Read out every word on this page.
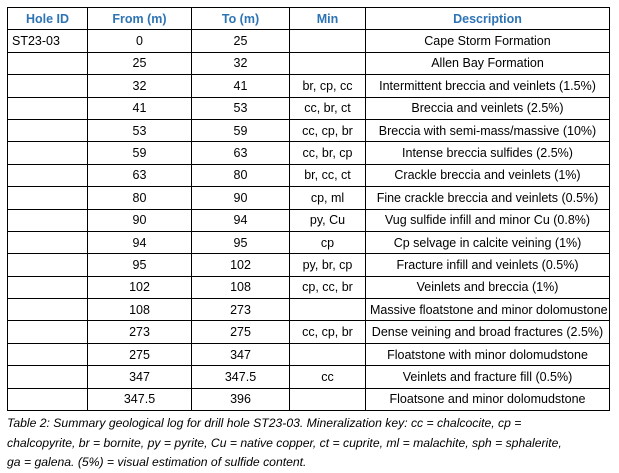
Hole ID	From (m)	To (m)	Min	Description
ST23-03	0	25		Cape Storm Formation
	25	32		Allen Bay Formation
	32	41	br, cp, cc	Intermittent breccia and veinlets (1.5%)
	41	53	cc, br, ct	Breccia and veinlets (2.5%)
	53	59	cc, cp, br	Breccia with semi-mass/massive (10%)
	59	63	cc, br, cp	Intense breccia sulfides (2.5%)
	63	80	br, cc, ct	Crackle breccia and veinlets (1%)
	80	90	cp, ml	Fine crackle breccia and veinlets (0.5%)
	90	94	py, Cu	Vug sulfide infill and minor Cu (0.8%)
	94	95	cp	Cp selvage in calcite veining (1%)
	95	102	py, br, cp	Fracture infill and veinlets (0.5%)
	102	108	cp, cc, br	Veinlets and breccia (1%)
	108	273		Massive floatstone and minor dolomustone
	273	275	cc, cp, br	Dense veining and broad fractures (2.5%)
	275	347		Floatstone with minor dolomudstone
	347	347.5	cc	Veinlets and fracture fill (0.5%)
	347.5	396		Floatsone and minor dolomudstone
Table 2: Summary geological log for drill hole ST23-03. Mineralization key: cc = chalcocite, cp =
chalcopyrite, br = bornite, py = pyrite, Cu = native copper, ct = cuprite, ml = malachite, sph = sphalerite,
ga = galena. (5%) = visual estimation of sulfide content.
